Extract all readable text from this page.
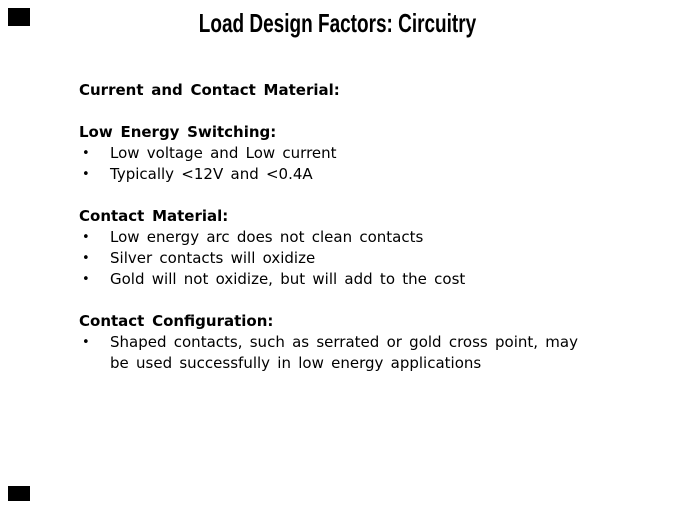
Load Design Factors: Circuitry
Current and Contact Material:
Low Energy Switching:
•	Low voltage and Low current
•	Typically <12V and <0.4A
Contact Material:
•	Low energy arc does not clean contacts
•	Silver contacts will oxidize
•	Gold will not oxidize, but will add to the cost
Contact Configuration:
•	Shaped contacts, such as serrated or gold cross point, may be used successfully in low energy applications
